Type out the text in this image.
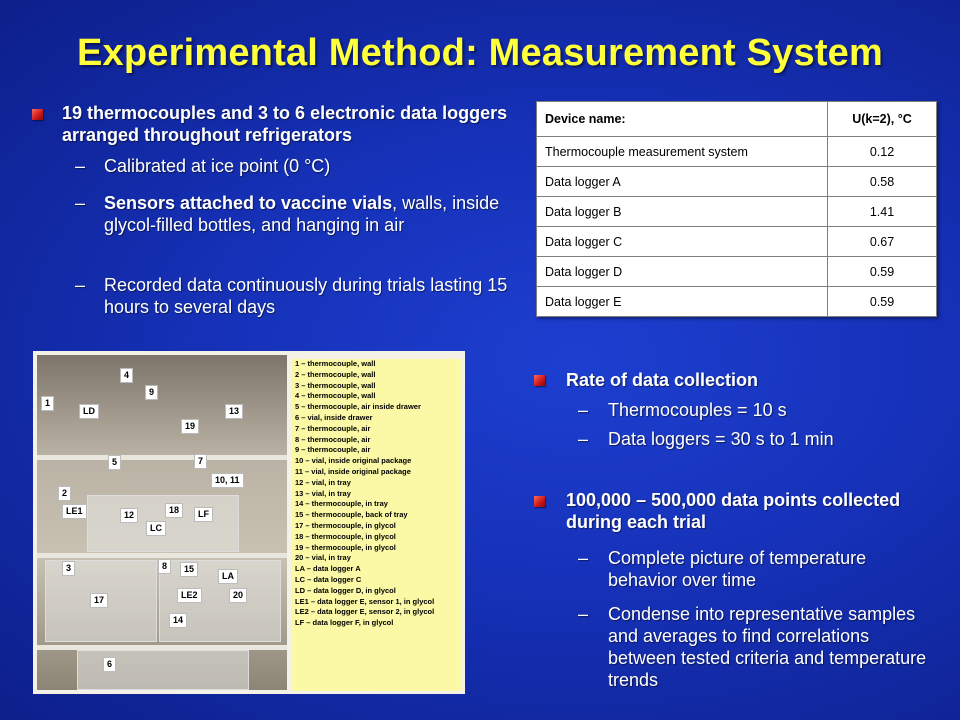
Experimental Method: Measurement System
19 thermocouples and 3 to 6 electronic data loggers arranged throughout refrigerators
– Calibrated at ice point (0 °C)
– Sensors attached to vaccine vials, walls, inside glycol-filled bottles, and hanging in air
– Recorded data continuously during trials lasting 15 hours to several days
Device name:	U(k=2), °C
Thermocouple measurement system	0.12
Data logger A	0.58
Data logger B	1.41
Data logger C	0.67
Data logger D	0.59
Data logger E	0.59
4
9
1
LD	13
19
5	7
10, 11
2
LE1	12	18	LF
LC
3	8	15
LA
17	LE2	20
14
6
1 – thermocouple, wall
2 – thermocouple, wall
3 – thermocouple, wall
4 – thermocouple, wall
5 – thermocouple, air inside drawer
6 – vial, inside drawer
7 – thermocouple, air
8 – thermocouple, air
9 – thermocouple, air
10 – vial, inside original package
11 – vial, inside original package
12 – vial, in tray
13 – vial, in tray
14 – thermocouple, in tray
15 – thermocouple, back of tray
17 – thermocouple, in glycol
18 – thermocouple, in glycol
19 – thermocouple, in glycol
20 – vial, in tray
LA – data logger A
LC – data logger C
LD – data logger D, in glycol
LE1 – data logger E, sensor 1, in glycol
LE2 – data logger E, sensor 2, in glycol
LF – data logger F, in glycol
Rate of data collection
– Thermocouples = 10 s
– Data loggers = 30 s to 1 min
100,000 – 500,000 data points collected during each trial
– Complete picture of temperature behavior over time
– Condense into representative samples and averages to find correlations between tested criteria and temperature trends
